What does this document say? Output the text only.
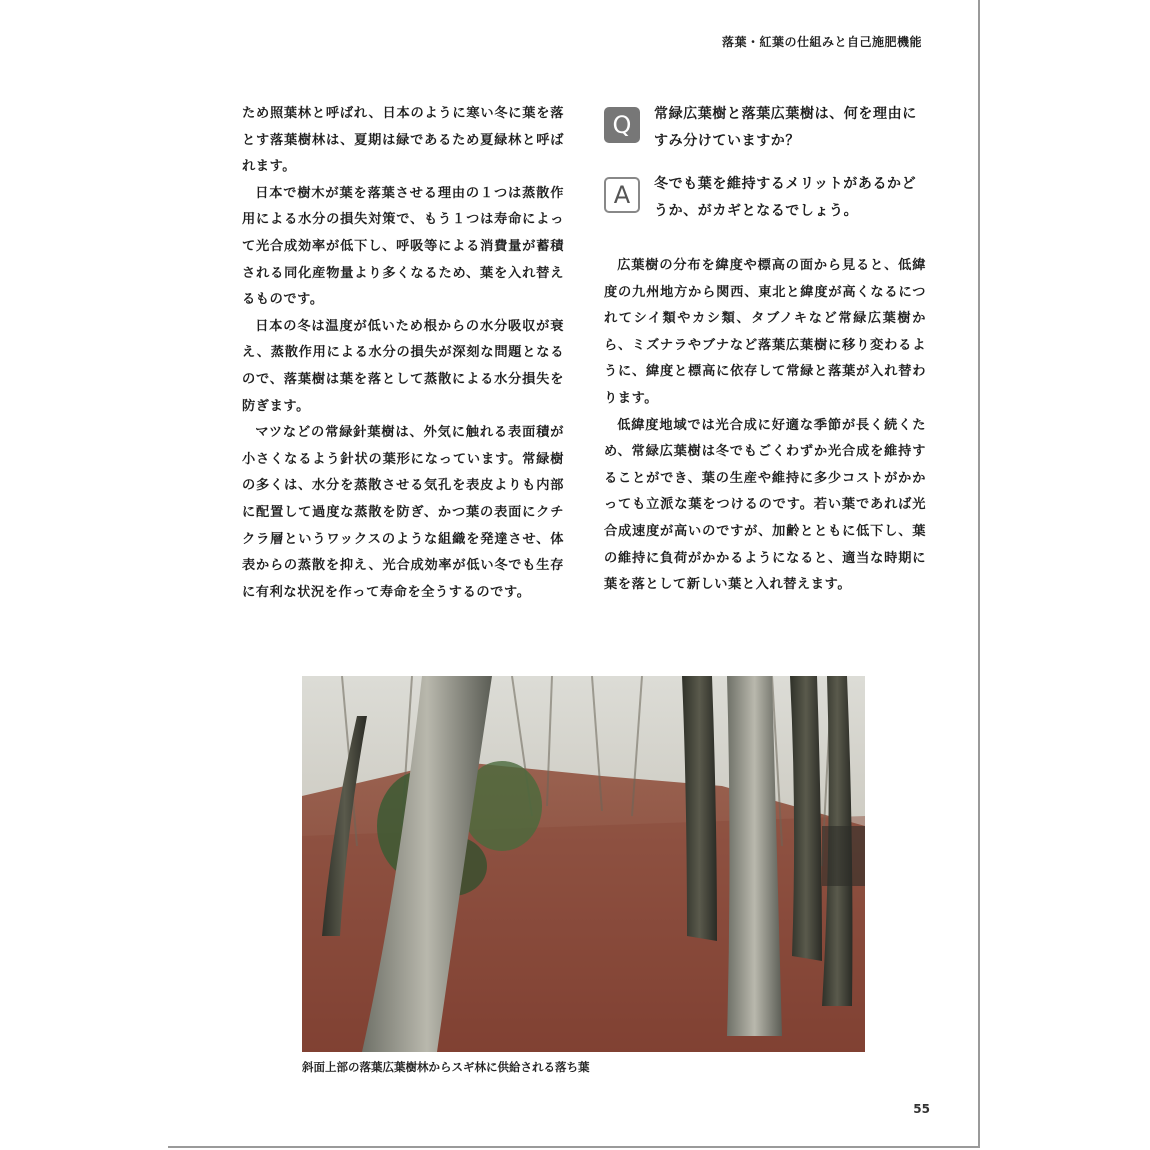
落葉・紅葉の仕組みと自己施肥機能

ため照葉林と呼ばれ、日本のように寒い冬に葉を落とす落葉樹林は、夏期は緑であるため夏緑林と呼ばれます。

日本で樹木が葉を落葉させる理由の１つは蒸散作用による水分の損失対策で、もう１つは寿命によって光合成効率が低下し、呼吸等による消費量が蓄積される同化産物量より多くなるため、葉を入れ替えるものです。

日本の冬は温度が低いため根からの水分吸収が衰え、蒸散作用による水分の損失が深刻な問題となるので、落葉樹は葉を落として蒸散による水分損失を防ぎます。

マツなどの常緑針葉樹は、外気に触れる表面積が小さくなるよう針状の葉形になっています。常緑樹の多くは、水分を蒸散させる気孔を表皮よりも内部に配置して過度な蒸散を防ぎ、かつ葉の表面にクチクラ層というワックスのような組織を発達させ、体表からの蒸散を抑え、光合成効率が低い冬でも生存に有利な状況を作って寿命を全うするのです。

Q	常緑広葉樹と落葉広葉樹は、何を理由にすみ分けていますか？
A	冬でも葉を維持するメリットがあるかどうか、がカギとなるでしょう。

広葉樹の分布を緯度や標高の面から見ると、低緯度の九州地方から関西、東北と緯度が高くなるにつれてシイ類やカシ類、タブノキなど常緑広葉樹から、ミズナラやブナなど落葉広葉樹に移り変わるように、緯度と標高に依存して常緑と落葉が入れ替わります。

低緯度地域では光合成に好適な季節が長く続くため、常緑広葉樹は冬でもごくわずか光合成を維持することができ、葉の生産や維持に多少コストがかかっても立派な葉をつけるのです。若い葉であれば光合成速度が高いのですが、加齢とともに低下し、葉の維持に負荷がかかるようになると、適当な時期に葉を落として新しい葉と入れ替えます。

斜面上部の落葉広葉樹林からスギ林に供給される落ち葉
55
